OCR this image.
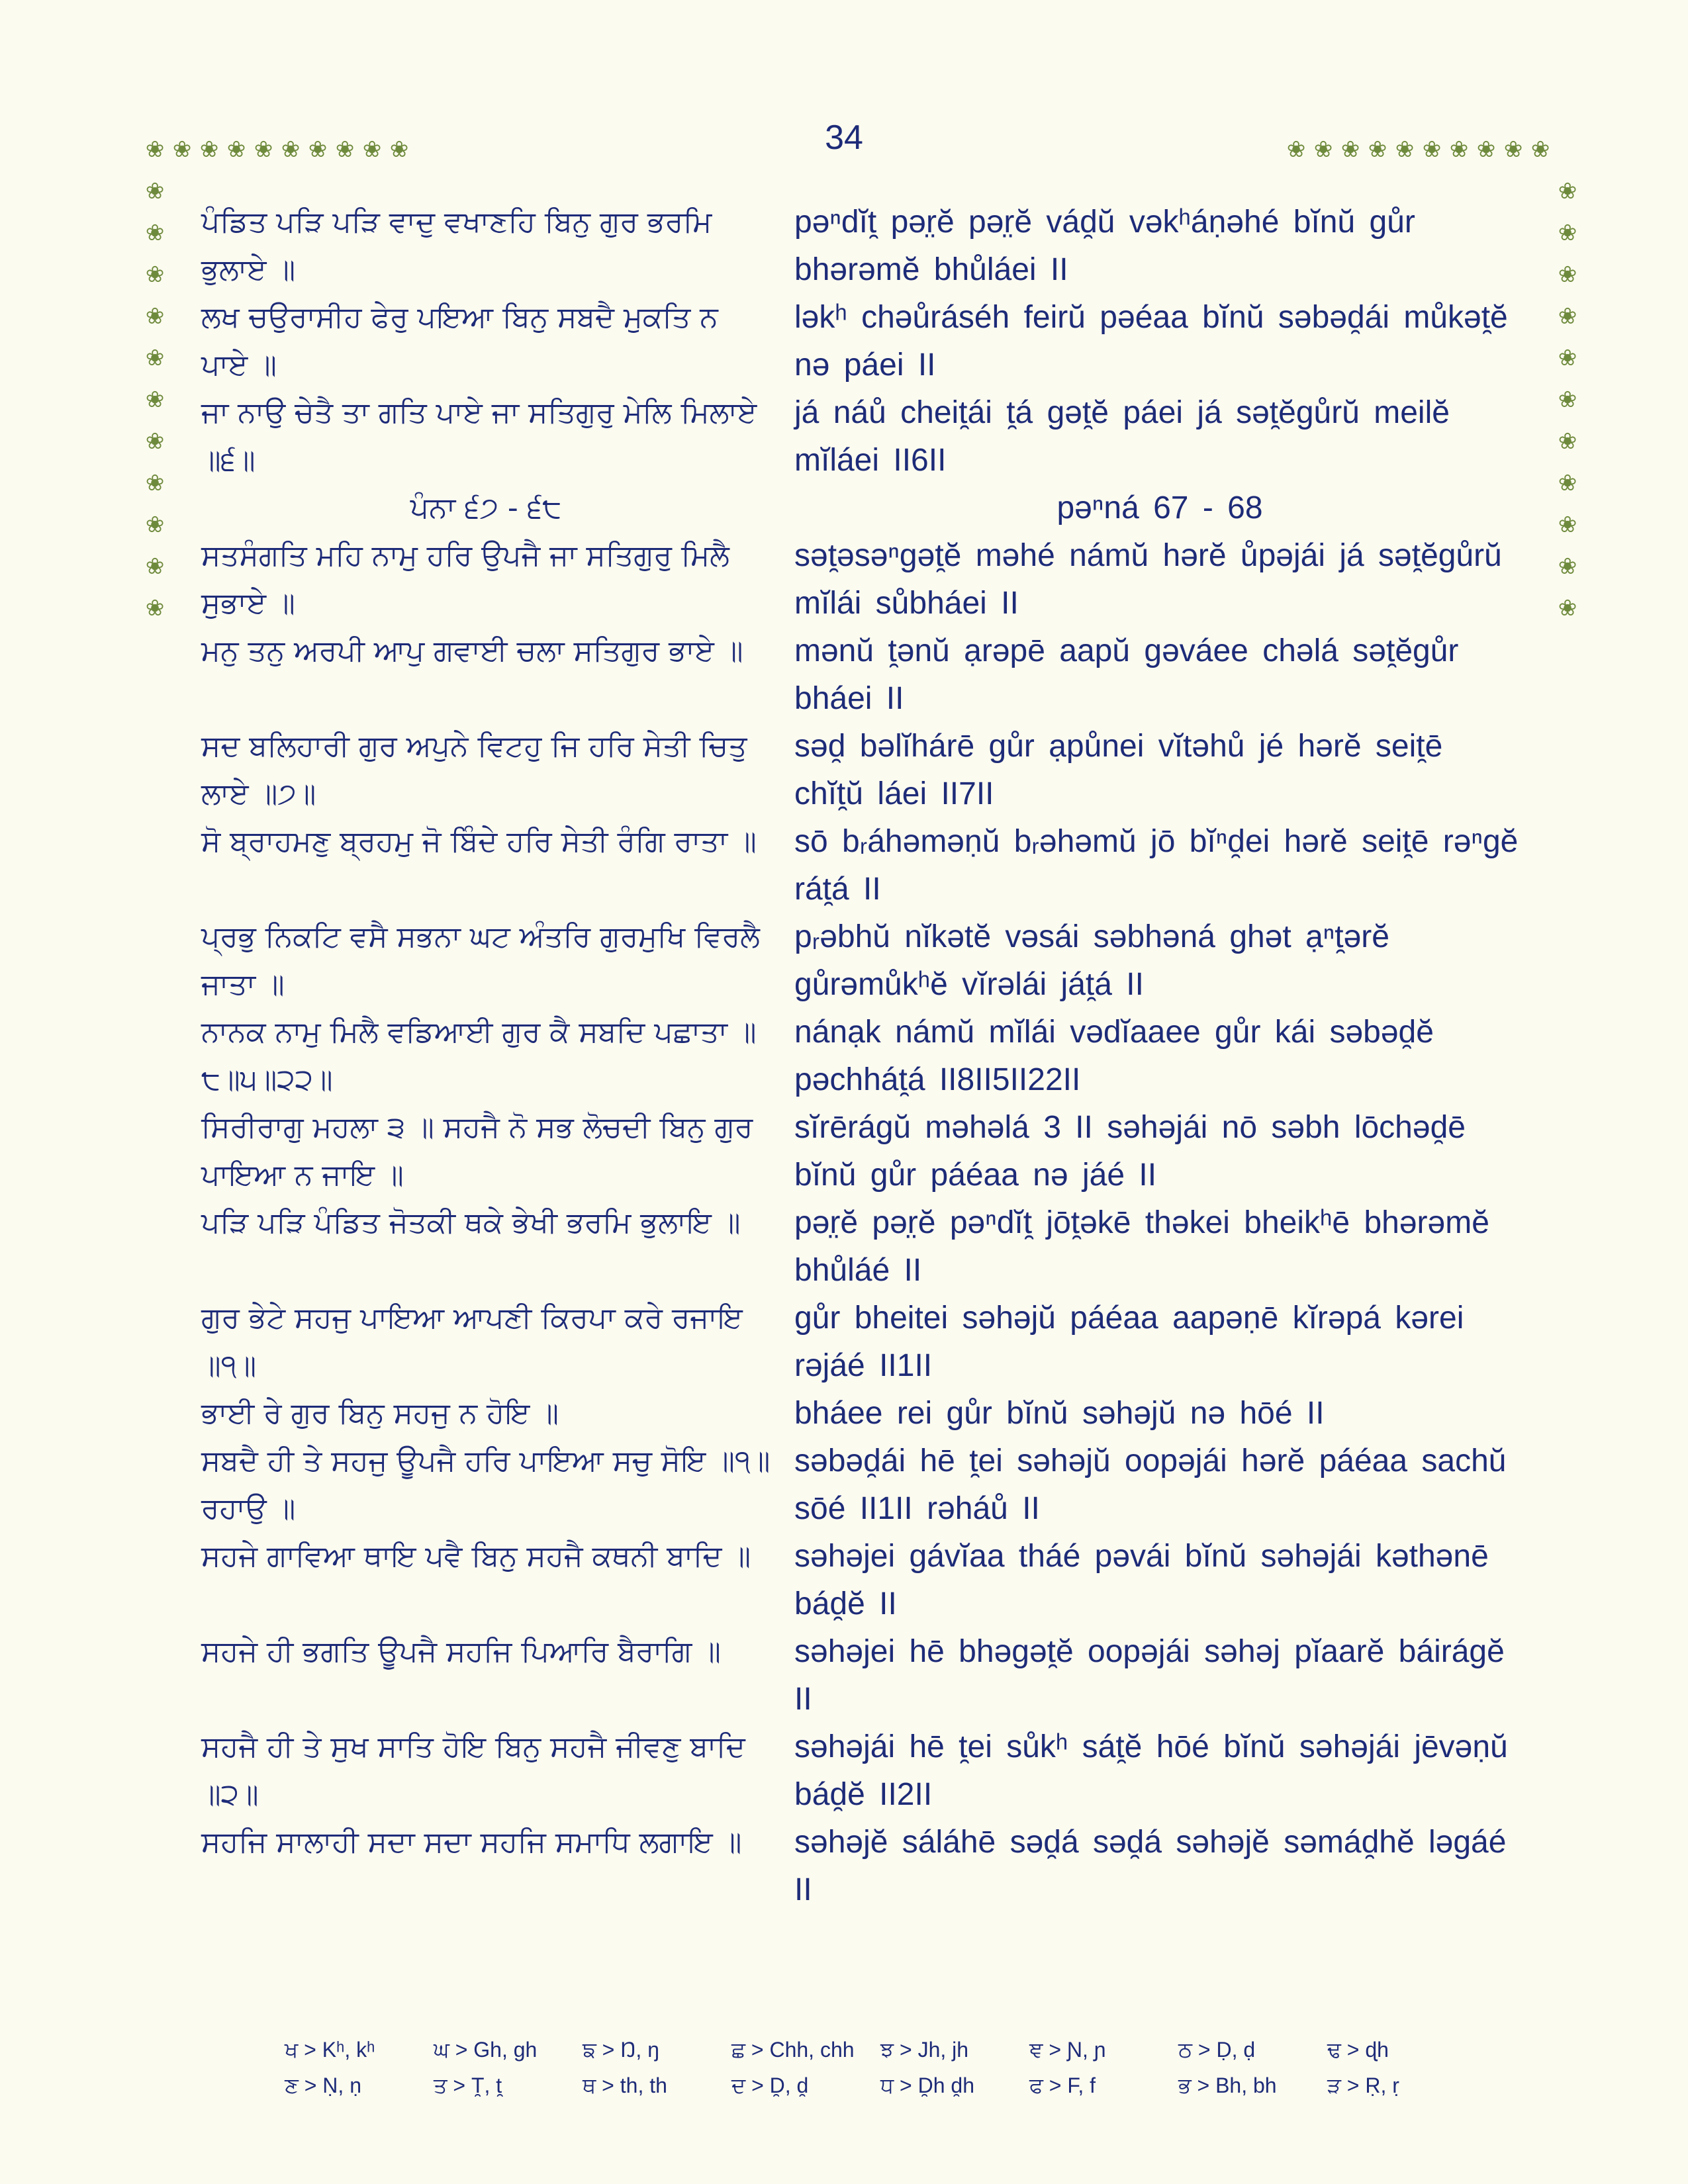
34
❀ ❀ ❀ ❀ ❀ ❀ ❀ ❀ ❀ ❀	❀ ❀ ❀ ❀ ❀ ❀ ❀ ❀ ❀ ❀
❀	❀
❀	❀
❀	❀
❀	❀
❀	❀
❀	❀
❀	❀
❀	❀
❀	❀
❀	❀
❀	❀
ਪੰਡਿਤ ਪੜਿ ਪੜਿ ਵਾਦੁ ਵਖਾਣਹਿ ਬਿਨੁ ਗੁਰ ਭਰਮਿ ਭੁਲਾਏ ॥
pəⁿdĭt̯ pər̤ĕ pər̤ĕ vád̯ŭ vəkʰáṇəhé bĭnŭ gůr bhərəmĕ bhůláei II
ਲਖ ਚਉਰਾਸੀਹ ਫੇਰੁ ਪਇਆ ਬਿਨੁ ਸਬਦੈ ਮੁਕਤਿ ਨ ਪਾਏ ॥
ləkʰ chəůráséh feirŭ pəéaa bĭnŭ səbəd̯ái můkət̯ĕ nə páei II
ਜਾ ਨਾਉ ਚੇਤੈ ਤਾ ਗਤਿ ਪਾਏ ਜਾ ਸਤਿਗੁਰੁ ਮੇਲਿ ਮਿਲਾਏ ॥੬॥
já náů cheit̯ái t̯á gət̯ĕ páei já sət̯ĕgůrŭ meilĕ mĭláei II6II
ਪੰਨਾ ੬੭ - ੬੮	pəⁿná 67 - 68
ਸਤਸੰਗਤਿ ਮਹਿ ਨਾਮੁ ਹਰਿ ਉਪਜੈ ਜਾ ਸਤਿਗੁਰੁ ਮਿਲੈ ਸੁਭਾਏ ॥
sət̯əsəⁿgət̯ĕ məhé námŭ hərĕ ůpəjái já sət̯ĕgůrŭ mĭlái sůbháei II
ਮਨੁ ਤਨੁ ਅਰਪੀ ਆਪੁ ਗਵਾਈ ਚਲਾ ਸਤਿਗੁਰ ਭਾਏ ॥	mənŭ t̯ənŭ ạrəpē aapŭ gəváee chəlá sət̯ĕgůr bháei II
ਸਦ ਬਲਿਹਾਰੀ ਗੁਰ ਅਪੁਨੇ ਵਿਟਹੁ ਜਿ ਹਰਿ ਸੇਤੀ ਚਿਤੁ ਲਾਏ ॥੭॥
səd̯ bəlĭhárē gůr ạpůnei vĭtəhů jé hərĕ seit̯ē chĭt̯ŭ láei II7II
ਸੋ ਬ੍ਰਾਹਮਣੁ ਬ੍ਰਹਮੁ ਜੋ ਬਿੰਦੇ ਹਰਿ ਸੇਤੀ ਰੰਗਿ ਰਾਤਾ ॥	sō bᵣáhəməṇŭ bᵣəhəmŭ jō bĭⁿd̯ei hərĕ seit̯ē rəⁿgĕ rát̯á II
ਪ੍ਰਭੁ ਨਿਕਟਿ ਵਸੈ ਸਭਨਾ ਘਟ ਅੰਤਰਿ ਗੁਰਮੁਖਿ ਵਿਰਲੈ ਜਾਤਾ ॥
pᵣəbhŭ nĭkətĕ vəsái səbhəná ghət ạⁿt̯ərĕ gůrəmůkʰĕ vĭrəlái ját̯á II
ਨਾਨਕ ਨਾਮੁ ਮਿਲੈ ਵਡਿਆਈ ਗੁਰ ਕੈ ਸਬਦਿ ਪਛਾਤਾ ॥੮॥੫॥੨੨॥
nánạk námŭ mĭlái vədĭaaee gůr kái səbəd̯ĕ pəchhát̯á II8II5II22II
ਸਿਰੀਰਾਗੁ ਮਹਲਾ ੩ ॥ ਸਹਜੈ ਨੋ ਸਭ ਲੋਚਦੀ ਬਿਨੁ ਗੁਰ ਪਾਇਆ ਨ ਜਾਇ ॥
sĭrērágŭ məhəlá 3 II səhəjái nō səbh lōchəd̯ē bĭnŭ gůr páéaa nə jáé II
ਪੜਿ ਪੜਿ ਪੰਡਿਤ ਜੋਤਕੀ ਥਕੇ ਭੇਖੀ ਭਰਮਿ ਭੁਲਾਇ ॥	pər̤ĕ pər̤ĕ pəⁿdĭt̯ jōt̯əkē thəkei bheikʰē bhərəmĕ bhůláé II
ਗੁਰ ਭੇਟੇ ਸਹਜੁ ਪਾਇਆ ਆਪਣੀ ਕਿਰਪਾ ਕਰੇ ਰਜਾਇ ॥੧॥
gůr bheitei səhəjŭ páéaa aapəṇē kĭrəpá kərei rəjáé II1II
ਭਾਈ ਰੇ ਗੁਰ ਬਿਨੁ ਸਹਜੁ ਨ ਹੋਇ ॥	bháee rei gůr bĭnŭ səhəjŭ nə hōé II
ਸਬਦੈ ਹੀ ਤੇ ਸਹਜੁ ਊਪਜੈ ਹਰਿ ਪਾਇਆ ਸਚੁ ਸੋਇ ॥੧॥ ਰਹਾਉ ॥
səbəd̯ái hē t̯ei səhəjŭ oopəjái hərĕ páéaa sachŭ sōé II1II rəháů II
ਸਹਜੇ ਗਾਵਿਆ ਥਾਇ ਪਵੈ ਬਿਨੁ ਸਹਜੈ ਕਥਨੀ ਬਾਦਿ ॥	səhəjei gávĭaa tháé pəvái bĭnŭ səhəjái kəthənē bád̯ĕ II
ਸਹਜੇ ਹੀ ਭਗਤਿ ਊਪਜੈ ਸਹਜਿ ਪਿਆਰਿ ਬੈਰਾਗਿ ॥	səhəjei hē bhəgət̯ĕ oopəjái səhəj pĭaarĕ báirágĕ II
ਸਹਜੈ ਹੀ ਤੇ ਸੁਖ ਸਾਤਿ ਹੋਇ ਬਿਨੁ ਸਹਜੈ ਜੀਵਣੁ ਬਾਦਿ ॥੨॥
səhəjái hē t̯ei sůkʰ sát̯ĕ hōé bĭnŭ səhəjái jēvəṇŭ bád̯ĕ II2II
ਸਹਜਿ ਸਾਲਾਹੀ ਸਦਾ ਸਦਾ ਸਹਜਿ ਸਮਾਧਿ ਲਗਾਇ ॥	səhəjĕ sáláhē səd̯á səd̯á səhəjĕ səmád̯hĕ ləgáé II
ਖ > Kʰ, kʰ	ਘ > Gh, gh	ਙ > Ŋ, ŋ	ਛ > Chh, chh	ਝ > Jh, jh	ਞ > Ɲ, ɲ	ਠ > Ḍ, ḍ	ਢ > ɖh
ਣ > Ṇ, ṇ	ਤ > T̯, t̯	ਥ > th, th	ਦ > D̯, d̯	ਧ > D̯h d̯h	ਫ > F, f	ਭ > Bh, bh	ੜ > Ṛ, ṛ
